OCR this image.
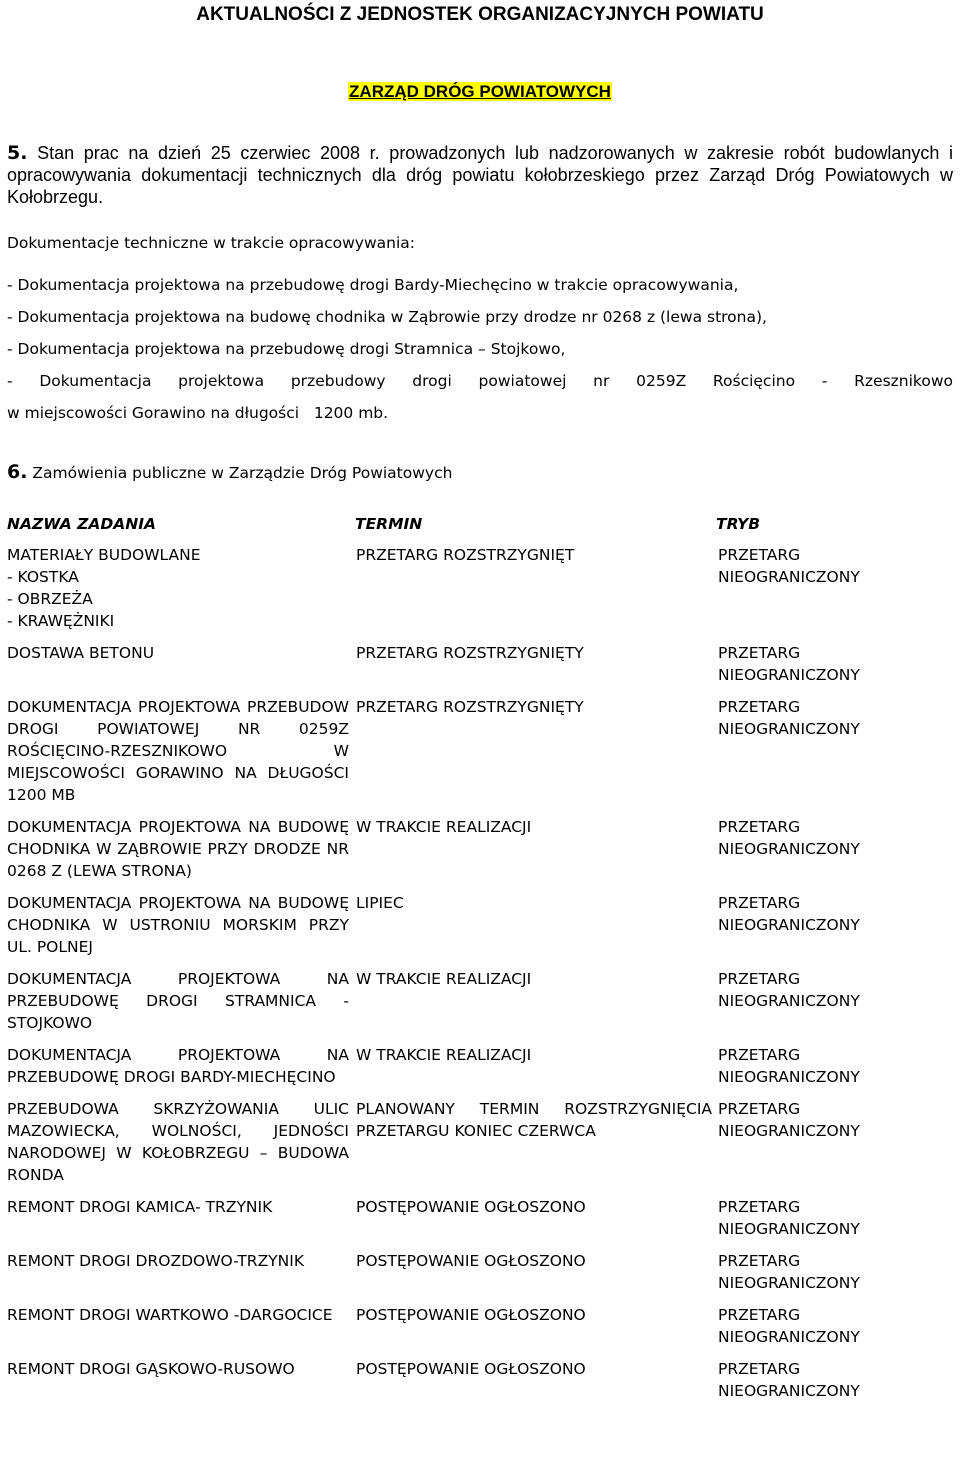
AKTUALNOŚCI Z JEDNOSTEK ORGANIZACYJNYCH POWIATU
ZARZĄD DRÓG POWIATOWYCH
5. Stan prac na dzień 25 czerwiec 2008 r. prowadzonych lub nadzorowanych w zakresie robót budowlanych i opracowywania dokumentacji technicznych dla dróg powiatu kołobrzeskiego przez Zarząd Dróg Powiatowych w Kołobrzegu.
Dokumentacje techniczne w trakcie opracowywania:
- Dokumentacja projektowa na przebudowę drogi Bardy-Miechęcino w trakcie opracowywania,
- Dokumentacja projektowa na budowę chodnika w Ząbrowie przy drodze nr 0268 z (lewa strona),
- Dokumentacja projektowa na przebudowę drogi Stramnica – Stojkowo,
- Dokumentacja projektowa przebudowy drogi powiatowej nr 0259Z Rościęcino - Rzesznikowo
w miejscowości Gorawino na długości   1200 mb.
6. Zamówienia publiczne w Zarządzie Dróg Powiatowych
NAZWA ZADANIA	TERMIN	TRYB
MATERIAŁY BUDOWLANE
- KOSTKA
- OBRZEŻA
- KRAWĘŻNIKI	PRZETARG ROZSTRZYGNIĘT	PRZETARG
NIEOGRANICZONY
DOSTAWA BETONU	PRZETARG ROZSTRZYGNIĘTY	PRZETARG
NIEOGRANICZONY
DOKUMENTACJA PROJEKTOWA PRZEBUDOW DROGI POWIATOWEJ NR 0259Z ROŚCIĘCINO-RZESZNIKOWO W MIEJSCOWOŚCI GORAWINO NA DŁUGOŚCI 1200 MB	PRZETARG ROZSTRZYGNIĘTY	PRZETARG
NIEOGRANICZONY
DOKUMENTACJA PROJEKTOWA NA BUDOWĘ CHODNIKA W ZĄBROWIE PRZY DRODZE NR 0268 Z (LEWA STRONA)	W TRAKCIE REALIZACJI	PRZETARG
NIEOGRANICZONY
DOKUMENTACJA PROJEKTOWA NA BUDOWĘ CHODNIKA W USTRONIU MORSKIM PRZY UL. POLNEJ	LIPIEC	PRZETARG
NIEOGRANICZONY
DOKUMENTACJA PROJEKTOWA NA PRZEBUDOWĘ DROGI STRAMNICA - STOJKOWO	W TRAKCIE REALIZACJI	PRZETARG
NIEOGRANICZONY
DOKUMENTACJA PROJEKTOWA NA PRZEBUDOWĘ DROGI BARDY-MIECHĘCINO	W TRAKCIE REALIZACJI	PRZETARG
NIEOGRANICZONY
PRZEBUDOWA SKRZYŻOWANIA ULIC MAZOWIECKA, WOLNOŚCI, JEDNOŚCI NARODOWEJ W KOŁOBRZEGU – BUDOWA RONDA	PLANOWANY TERMIN ROZSTRZYGNIĘCIA PRZETARGU KONIEC CZERWCA	PRZETARG
NIEOGRANICZONY
REMONT DROGI KAMICA- TRZYNIK	POSTĘPOWANIE OGŁOSZONO	PRZETARG
NIEOGRANICZONY
REMONT DROGI DROZDOWO-TRZYNIK	POSTĘPOWANIE OGŁOSZONO	PRZETARG
NIEOGRANICZONY
REMONT DROGI WARTKOWO -DARGOCICE	POSTĘPOWANIE OGŁOSZONO	PRZETARG
NIEOGRANICZONY
REMONT DROGI GĄSKOWO-RUSOWO	POSTĘPOWANIE OGŁOSZONO	PRZETARG
NIEOGRANICZONY
